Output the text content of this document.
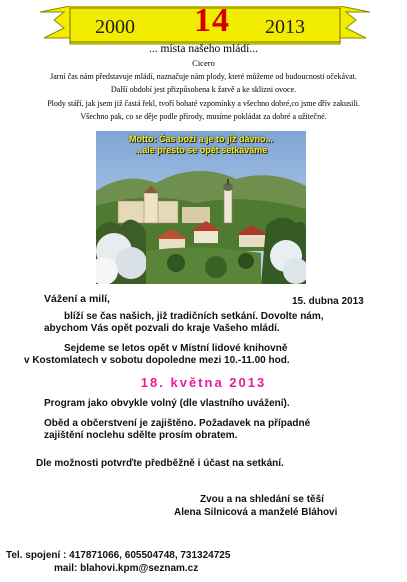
2000 14	2013
... místa našeho mládí...
Cicero
Jarní čas nám představuje mládí, naznačuje nám plody, které můžeme od budoucnosti očekávat.
Další období jest přizpůsobena k žatvě a ke sklizni ovoce.
Plody stáří, jak jsem již častá řekl, tvoří bohaté vzpomínky a všechno dobré,co jsme dřív zakusili.
Všechno pak, co se děje podle přírody, musíme pokládat za dobré a užitečné.
Motto: Čas boží a je to již dávno...
...ale přesto se opět setkáváme
Vážení a milí,	15. dubna 2013
blíží se čas našich, již tradičních setkání. Dovolte nám,
abychom Vás opět pozvali do kraje Vašeho mládí.
Sejdeme se letos opět v Místní lidové knihovně
v Kostomlatech v sobotu dopoledne mezi 10.-11.00 hod.
18. května 2013
Program jako obvykle volný (dle vlastního uvážení).
Oběd a občerstvení je zajištěno. Požadavek na případné
zajištění noclehu sdělte prosím obratem.
Dle možnosti potvrďte předběžně i účast na setkání.
Zvou a na shledání se těší
Alena Silnicová a manželé Bláhovi
Tel. spojení : 417871066, 605504748, 731324725
mail: blahovi.kpm@seznam.cz
